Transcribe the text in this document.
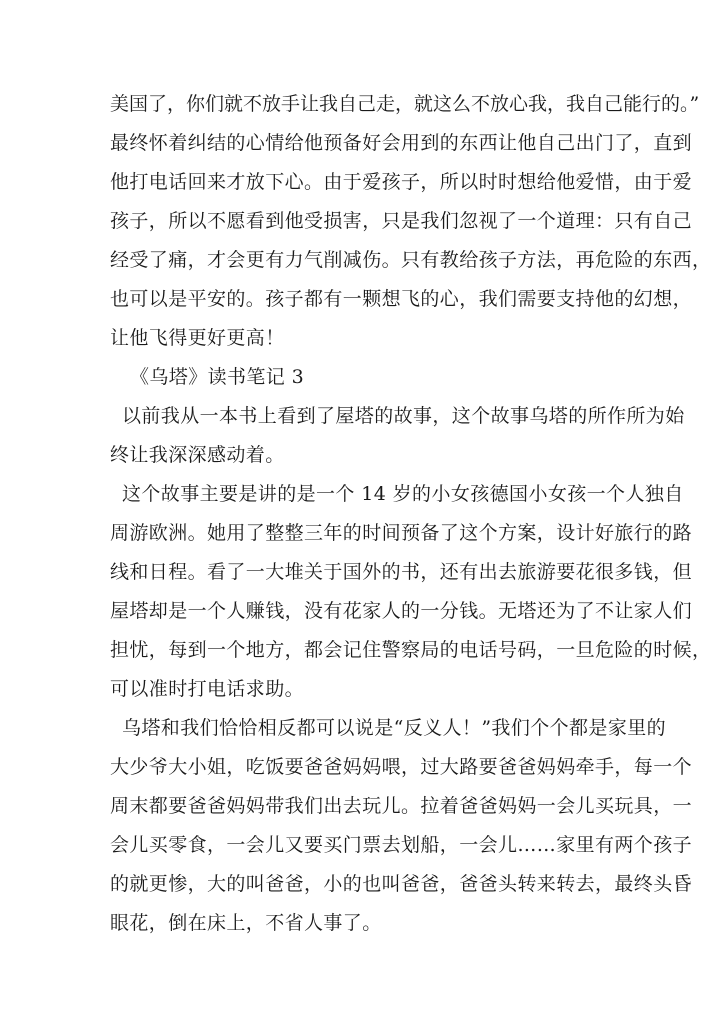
美国了，你们就不放手让我自己走，就这么不放心我，我自己能行的。”
最终怀着纠结的心情给他预备好会用到的东西让他自己出门了，直到
他打电话回来才放下心。由于爱孩子，所以时时想给他爱惜，由于爱
孩子，所以不愿看到他受损害，只是我们忽视了一个道理：只有自己
经受了痛，才会更有力气削减伤。只有教给孩子方法，再危险的东西，
也可以是平安的。孩子都有一颗想飞的心，我们需要支持他的幻想，
让他飞得更好更高！
《乌塔》读书笔记 3
以前我从一本书上看到了屋塔的故事，这个故事乌塔的所作所为始
终让我深深感动着。
这个故事主要是讲的是一个 14 岁的小女孩德国小女孩一个人独自
周游欧洲。她用了整整三年的时间预备了这个方案，设计好旅行的路
线和日程。看了一大堆关于国外的书，还有出去旅游要花很多钱，但
屋塔却是一个人赚钱，没有花家人的一分钱。无塔还为了不让家人们
担忧，每到一个地方，都会记住警察局的电话号码，一旦危险的时候，
可以准时打电话求助。
乌塔和我们恰恰相反都可以说是“反义人！”我们个个都是家里的
大少爷大小姐，吃饭要爸爸妈妈喂，过大路要爸爸妈妈牵手，每一个
周末都要爸爸妈妈带我们出去玩儿。拉着爸爸妈妈一会儿买玩具，一
会儿买零食，一会儿又要买门票去划船，一会儿……家里有两个孩子
的就更惨，大的叫爸爸，小的也叫爸爸，爸爸头转来转去，最终头昏
眼花，倒在床上，不省人事了。
